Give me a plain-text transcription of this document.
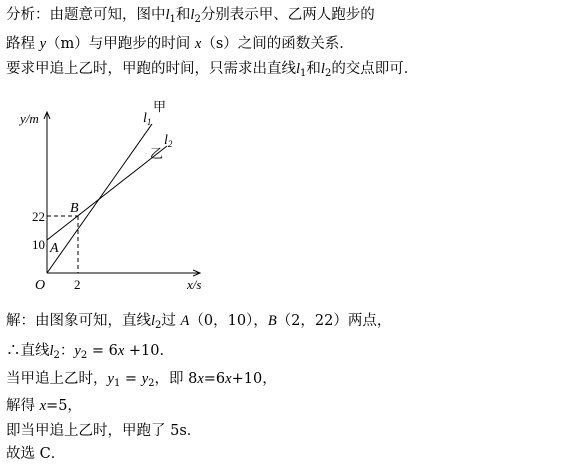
分析：由题意可知，图中$l_1$和$l_2$分别表示甲、乙两人跑步的
路程 y（m）与甲跑步的时间 x（s）之间的函数关系．
要求甲追上乙时，甲跑的时间，只需求出直线$l_1$和$l_2$的交点即可．
y/m
x/s
O
22
10
2
A
B
$l_1$
甲
$l_2$
乙
解：由图象可知，直线$l_2$过 A（0，10），B（2，22）两点，
∴直线$l_2$：$y_2 = 6x +10$．
当甲追上乙时，$y_1 = y_2$，即 8x=6x+10，
解得 x=5，
即当甲追上乙时，甲跑了 5s．
故选 C．
